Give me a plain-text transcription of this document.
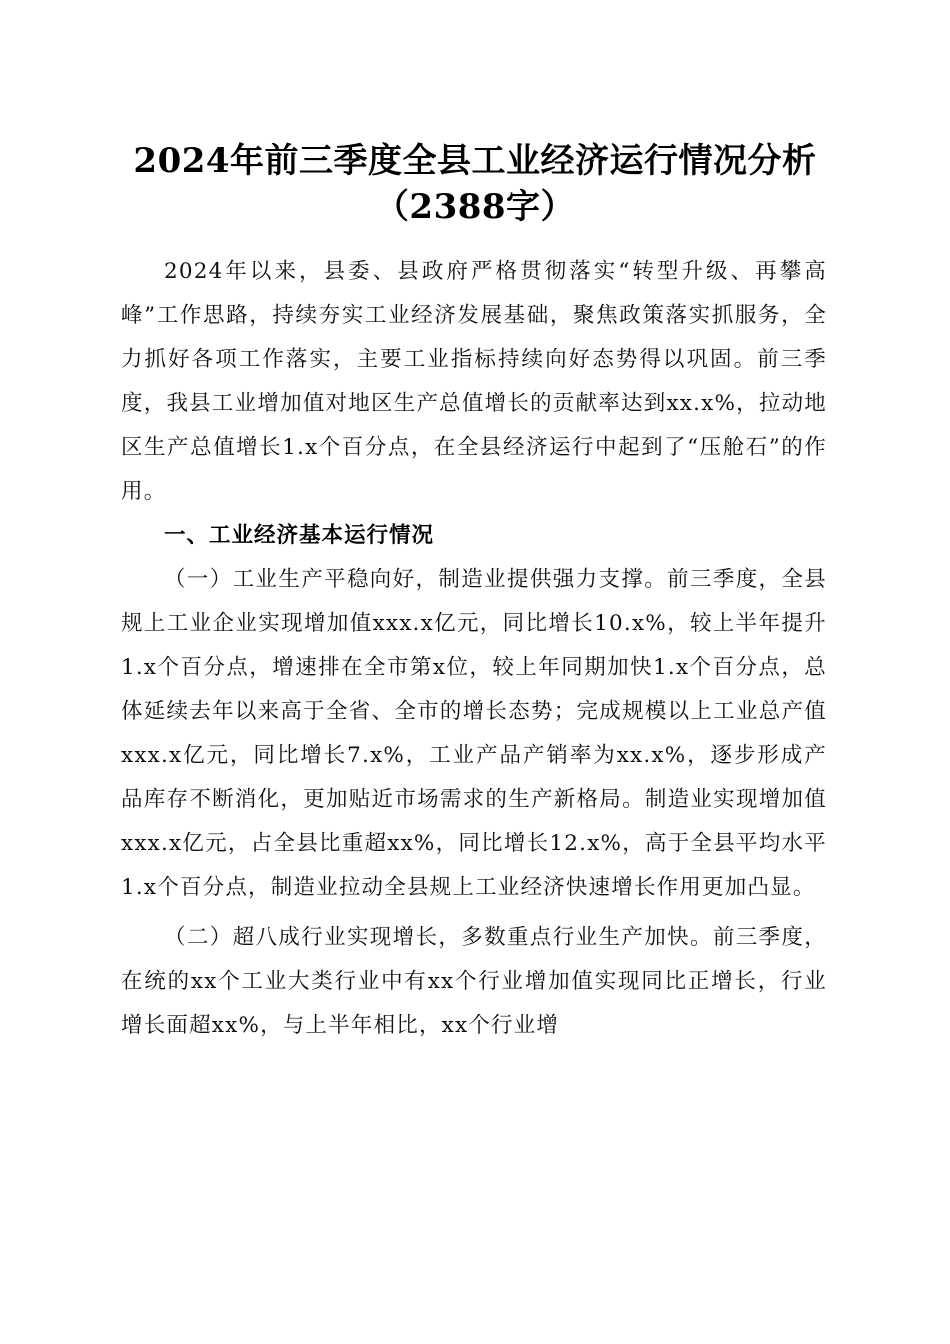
2024年前三季度全县工业经济运行情况分析
（2388字）

2024年以来，县委、县政府严格贯彻落实“转型升级、再攀高峰”工作思路，持续夯实工业经济发展基础，聚焦政策落实抓服务，全力抓好各项工作落实，主要工业指标持续向好态势得以巩固。前三季度，我县工业增加值对地区生产总值增长的贡献率达到xx.x%，拉动地区生产总值增长1.x个百分点，在全县经济运行中起到了“压舱石”的作用。

一、工业经济基本运行情况

（一）工业生产平稳向好，制造业提供强力支撑。前三季度，全县规上工业企业实现增加值xxx.x亿元，同比增长10.x%，较上半年提升1.x个百分点，增速排在全市第x位，较上年同期加快1.x个百分点，总体延续去年以来高于全省、全市的增长态势；完成规模以上工业总产值xxx.x亿元，同比增长7.x%，工业产品产销率为xx.x%，逐步形成产品库存不断消化，更加贴近市场需求的生产新格局。制造业实现增加值xxx.x亿元，占全县比重超xx%，同比增长12.x%，高于全县平均水平1.x个百分点，制造业拉动全县规上工业经济快速增长作用更加凸显。

（二）超八成行业实现增长，多数重点行业生产加快。前三季度，在统的xx个工业大类行业中有xx个行业增加值实现同比正增长，行业增长面超xx%，与上半年相比，xx个行业增
